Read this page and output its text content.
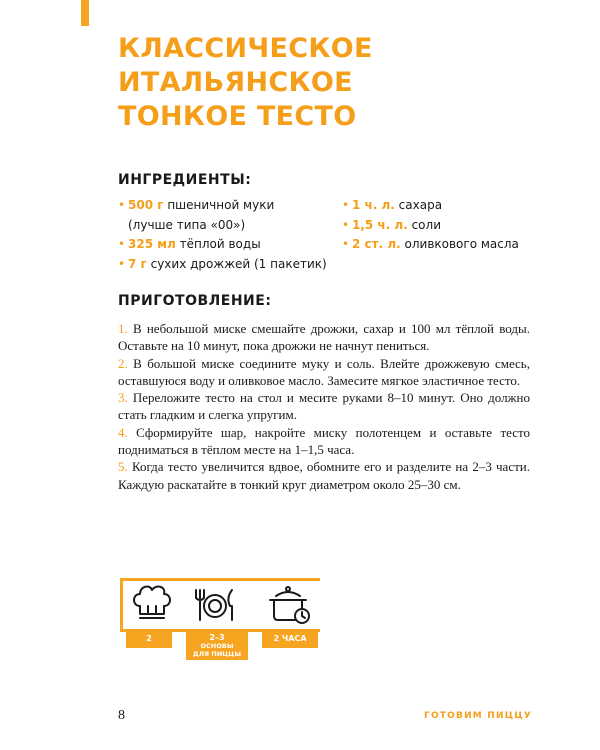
КЛАССИЧЕСКОЕ
ИТАЛЬЯНСКОЕ
ТОНКОЕ ТЕСТО
ИНГРЕДИЕНТЫ:
• 500 г пшеничной муки
(лучше типа «00»)
• 325 мл тёплой воды
• 7 г сухих дрожжей (1 пакетик)
• 1 ч. л. сахара
• 1,5 ч. л. соли
• 2 ст. л. оливкового масла
ПРИГОТОВЛЕНИЕ:
1. В небольшой миске смешайте дрожжи, сахар и 100 мл тёплой воды. Оставьте на 10 минут, пока дрожжи не начнут пениться.
2. В большой миске соедините муку и соль. Влейте дрожжевую смесь, оставшуюся воду и оливковое масло. Замесите мягкое эластичное тесто.
3. Переложите тесто на стол и месите руками 8–10 минут. Оно должно стать гладким и слегка упругим.
4. Сформируйте шар, накройте миску полотенцем и оставьте тесто подниматься в тёплом месте на 1–1,5 часа.
5. Когда тесто увеличится вдвое, обомните его и разделите на 2–3 части. Каждую раскатайте в тонкий круг диаметром около 25–30 см.
2	2–3
ОСНОВЫ
ДЛЯ ПИЦЦЫ
2 ЧАСА
8	ГОТОВИМ ПИЦЦУ
